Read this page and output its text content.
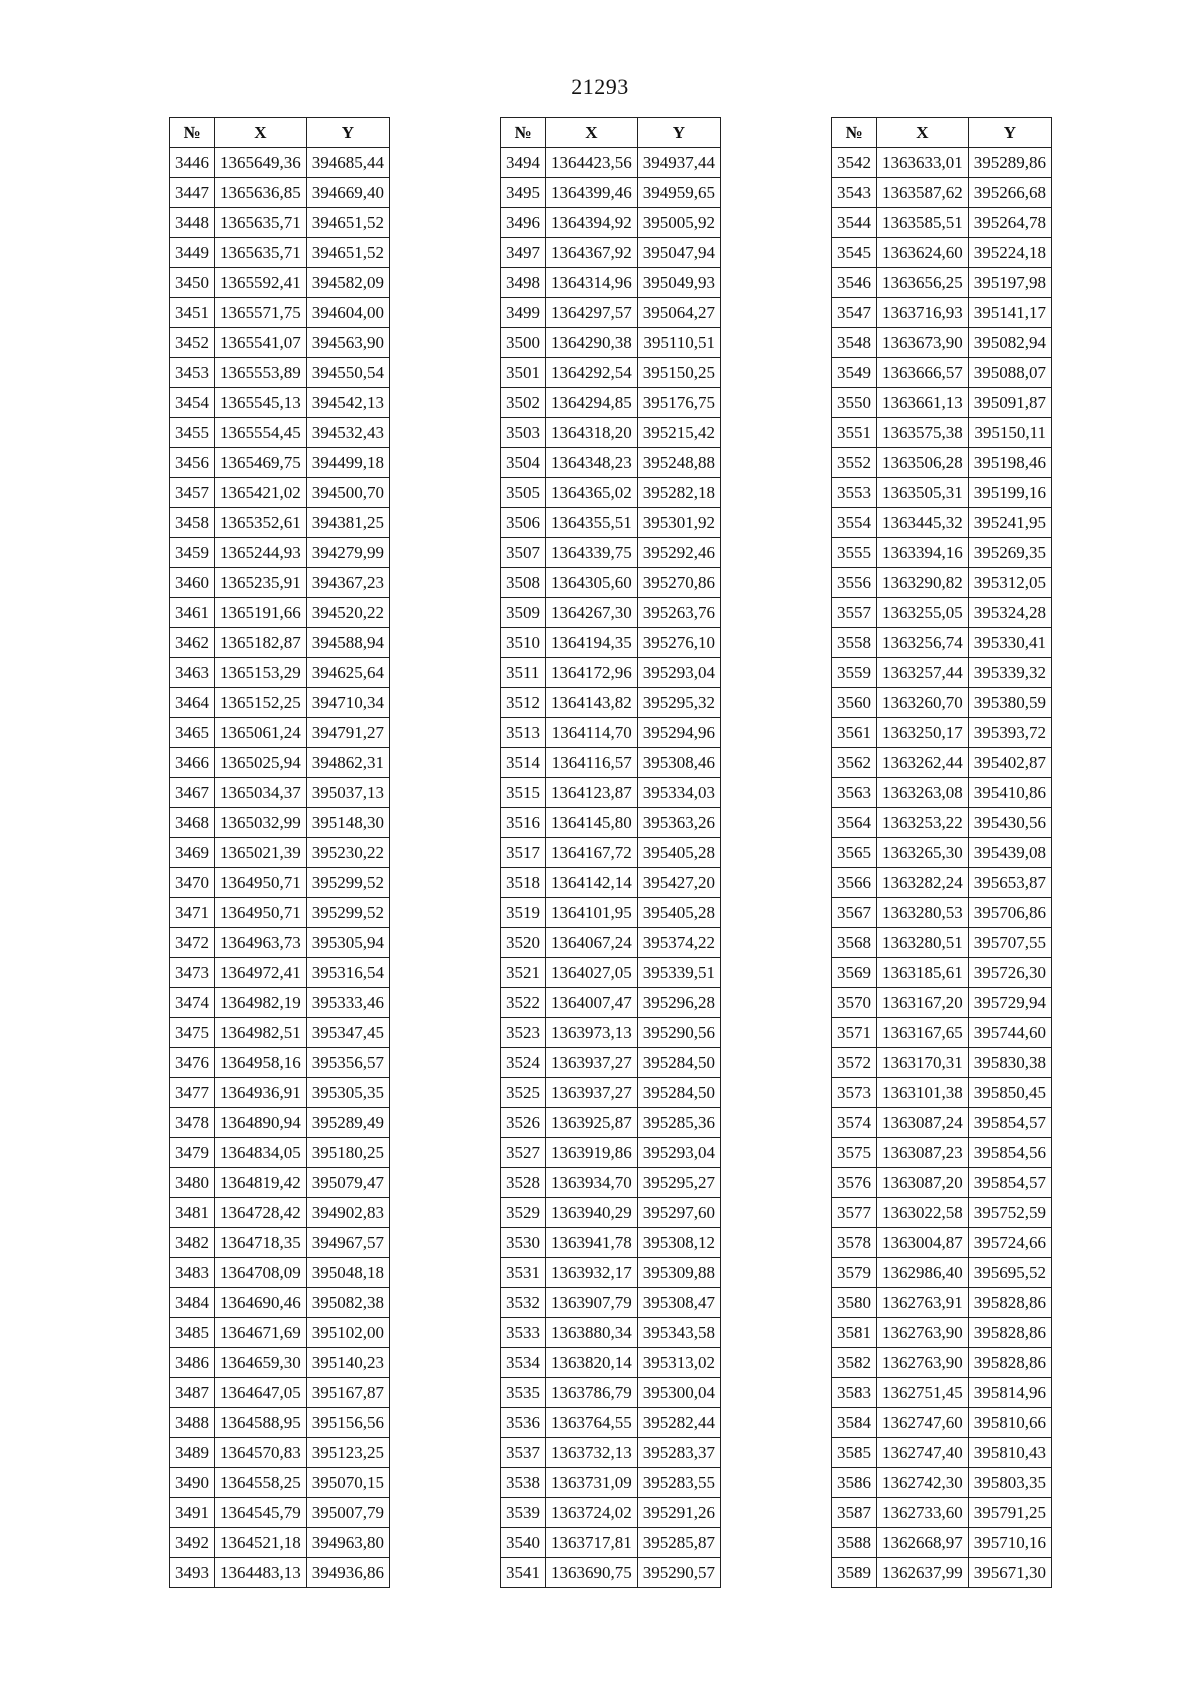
21293
№	X	Y
3446	1365649,36	394685,44
3447	1365636,85	394669,40
3448	1365635,71	394651,52
3449	1365635,71	394651,52
3450	1365592,41	394582,09
3451	1365571,75	394604,00
3452	1365541,07	394563,90
3453	1365553,89	394550,54
3454	1365545,13	394542,13
3455	1365554,45	394532,43
3456	1365469,75	394499,18
3457	1365421,02	394500,70
3458	1365352,61	394381,25
3459	1365244,93	394279,99
3460	1365235,91	394367,23
3461	1365191,66	394520,22
3462	1365182,87	394588,94
3463	1365153,29	394625,64
3464	1365152,25	394710,34
3465	1365061,24	394791,27
3466	1365025,94	394862,31
3467	1365034,37	395037,13
3468	1365032,99	395148,30
3469	1365021,39	395230,22
3470	1364950,71	395299,52
3471	1364950,71	395299,52
3472	1364963,73	395305,94
3473	1364972,41	395316,54
3474	1364982,19	395333,46
3475	1364982,51	395347,45
3476	1364958,16	395356,57
3477	1364936,91	395305,35
3478	1364890,94	395289,49
3479	1364834,05	395180,25
3480	1364819,42	395079,47
3481	1364728,42	394902,83
3482	1364718,35	394967,57
3483	1364708,09	395048,18
3484	1364690,46	395082,38
3485	1364671,69	395102,00
3486	1364659,30	395140,23
3487	1364647,05	395167,87
3488	1364588,95	395156,56
3489	1364570,83	395123,25
3490	1364558,25	395070,15
3491	1364545,79	395007,79
3492	1364521,18	394963,80
3493	1364483,13	394936,86
№	X	Y
3494	1364423,56	394937,44
3495	1364399,46	394959,65
3496	1364394,92	395005,92
3497	1364367,92	395047,94
3498	1364314,96	395049,93
3499	1364297,57	395064,27
3500	1364290,38	395110,51
3501	1364292,54	395150,25
3502	1364294,85	395176,75
3503	1364318,20	395215,42
3504	1364348,23	395248,88
3505	1364365,02	395282,18
3506	1364355,51	395301,92
3507	1364339,75	395292,46
3508	1364305,60	395270,86
3509	1364267,30	395263,76
3510	1364194,35	395276,10
3511	1364172,96	395293,04
3512	1364143,82	395295,32
3513	1364114,70	395294,96
3514	1364116,57	395308,46
3515	1364123,87	395334,03
3516	1364145,80	395363,26
3517	1364167,72	395405,28
3518	1364142,14	395427,20
3519	1364101,95	395405,28
3520	1364067,24	395374,22
3521	1364027,05	395339,51
3522	1364007,47	395296,28
3523	1363973,13	395290,56
3524	1363937,27	395284,50
3525	1363937,27	395284,50
3526	1363925,87	395285,36
3527	1363919,86	395293,04
3528	1363934,70	395295,27
3529	1363940,29	395297,60
3530	1363941,78	395308,12
3531	1363932,17	395309,88
3532	1363907,79	395308,47
3533	1363880,34	395343,58
3534	1363820,14	395313,02
3535	1363786,79	395300,04
3536	1363764,55	395282,44
3537	1363732,13	395283,37
3538	1363731,09	395283,55
3539	1363724,02	395291,26
3540	1363717,81	395285,87
3541	1363690,75	395290,57
№	X	Y
3542	1363633,01	395289,86
3543	1363587,62	395266,68
3544	1363585,51	395264,78
3545	1363624,60	395224,18
3546	1363656,25	395197,98
3547	1363716,93	395141,17
3548	1363673,90	395082,94
3549	1363666,57	395088,07
3550	1363661,13	395091,87
3551	1363575,38	395150,11
3552	1363506,28	395198,46
3553	1363505,31	395199,16
3554	1363445,32	395241,95
3555	1363394,16	395269,35
3556	1363290,82	395312,05
3557	1363255,05	395324,28
3558	1363256,74	395330,41
3559	1363257,44	395339,32
3560	1363260,70	395380,59
3561	1363250,17	395393,72
3562	1363262,44	395402,87
3563	1363263,08	395410,86
3564	1363253,22	395430,56
3565	1363265,30	395439,08
3566	1363282,24	395653,87
3567	1363280,53	395706,86
3568	1363280,51	395707,55
3569	1363185,61	395726,30
3570	1363167,20	395729,94
3571	1363167,65	395744,60
3572	1363170,31	395830,38
3573	1363101,38	395850,45
3574	1363087,24	395854,57
3575	1363087,23	395854,56
3576	1363087,20	395854,57
3577	1363022,58	395752,59
3578	1363004,87	395724,66
3579	1362986,40	395695,52
3580	1362763,91	395828,86
3581	1362763,90	395828,86
3582	1362763,90	395828,86
3583	1362751,45	395814,96
3584	1362747,60	395810,66
3585	1362747,40	395810,43
3586	1362742,30	395803,35
3587	1362733,60	395791,25
3588	1362668,97	395710,16
3589	1362637,99	395671,30
